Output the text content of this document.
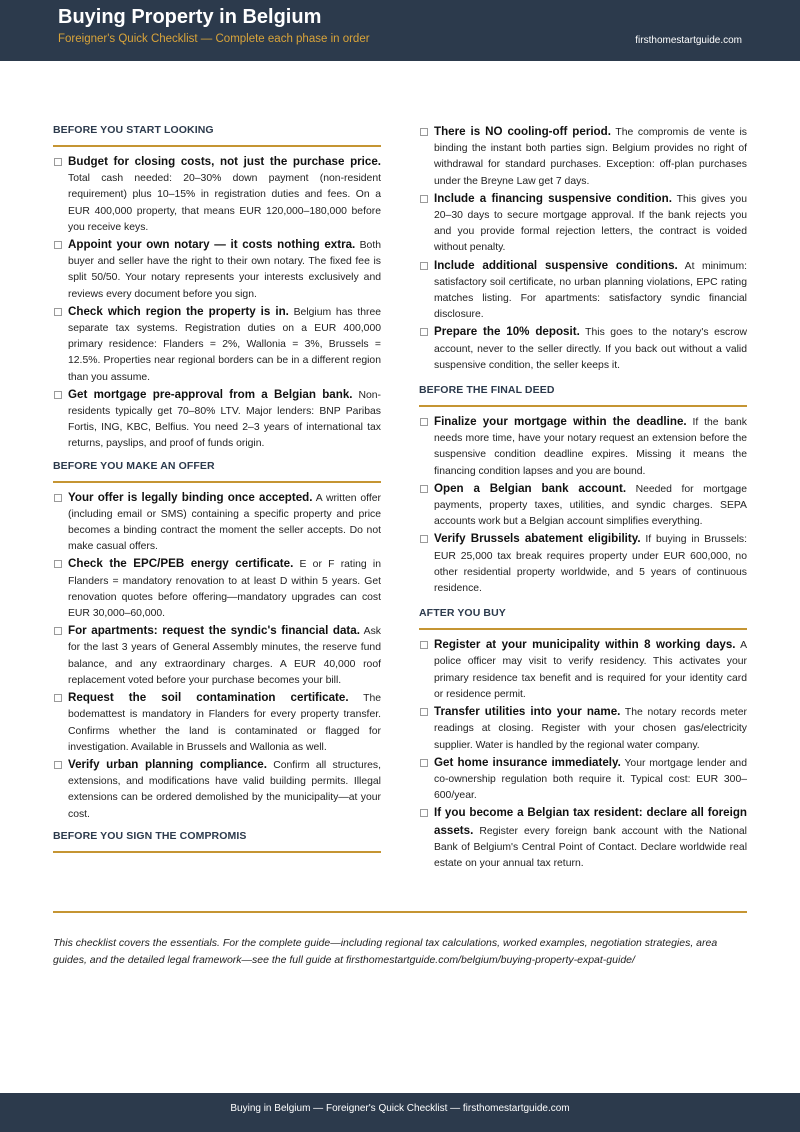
Buying Property in Belgium
Foreigner's Quick Checklist — Complete each phase in order	firsthomestartguide.com
BEFORE YOU START LOOKING
Budget for closing costs, not just the purchase price. Total cash needed: 20–30% down payment (non-resident requirement) plus 10–15% in registration duties and fees. On a EUR 400,000 property, that means EUR 120,000–180,000 before you receive keys.
Appoint your own notary — it costs nothing extra. Both buyer and seller have the right to their own notary. The fixed fee is split 50/50. Your notary represents your interests exclusively and reviews every document before you sign.
Check which region the property is in. Belgium has three separate tax systems. Registration duties on a EUR 400,000 primary residence: Flanders = 2%, Wallonia = 3%, Brussels = 12.5%. Properties near regional borders can be in a different region than you assume.
Get mortgage pre-approval from a Belgian bank. Non-residents typically get 70–80% LTV. Major lenders: BNP Paribas Fortis, ING, KBC, Belfius. You need 2–3 years of international tax returns, payslips, and proof of funds origin.
BEFORE YOU MAKE AN OFFER
Your offer is legally binding once accepted. A written offer (including email or SMS) containing a specific property and price becomes a binding contract the moment the seller accepts. Do not make casual offers.
Check the EPC/PEB energy certificate. E or F rating in Flanders = mandatory renovation to at least D within 5 years. Get renovation quotes before offering—mandatory upgrades can cost EUR 30,000–60,000.
For apartments: request the syndic's financial data. Ask for the last 3 years of General Assembly minutes, the reserve fund balance, and any extraordinary charges. A EUR 40,000 roof replacement voted before your purchase becomes your bill.
Request the soil contamination certificate. The bodemattest is mandatory in Flanders for every property transfer. Confirms whether the land is contaminated or flagged for investigation. Available in Brussels and Wallonia as well.
Verify urban planning compliance. Confirm all structures, extensions, and modifications have valid building permits. Illegal extensions can be ordered demolished by the municipality—at your cost.
BEFORE YOU SIGN THE COMPROMIS
There is NO cooling-off period. The compromis de vente is binding the instant both parties sign. Belgium provides no right of withdrawal for standard purchases. Exception: off-plan purchases under the Breyne Law get 7 days.
Include a financing suspensive condition. This gives you 20–30 days to secure mortgage approval. If the bank rejects you and you provide formal rejection letters, the contract is voided without penalty.
Include additional suspensive conditions. At minimum: satisfactory soil certificate, no urban planning violations, EPC rating matches listing. For apartments: satisfactory syndic financial disclosure.
Prepare the 10% deposit. This goes to the notary's escrow account, never to the seller directly. If you back out without a valid suspensive condition, the seller keeps it.
BEFORE THE FINAL DEED
Finalize your mortgage within the deadline. If the bank needs more time, have your notary request an extension before the suspensive condition deadline expires. Missing it means the financing condition lapses and you are bound.
Open a Belgian bank account. Needed for mortgage payments, property taxes, utilities, and syndic charges. SEPA accounts work but a Belgian account simplifies everything.
Verify Brussels abatement eligibility. If buying in Brussels: EUR 25,000 tax break requires property under EUR 600,000, no other residential property worldwide, and 5 years of continuous residence.
AFTER YOU BUY
Register at your municipality within 8 working days. A police officer may visit to verify residency. This activates your primary residence tax benefit and is required for your identity card or residence permit.
Transfer utilities into your name. The notary records meter readings at closing. Register with your chosen gas/electricity supplier. Water is handled by the regional water company.
Get home insurance immediately. Your mortgage lender and co-ownership regulation both require it. Typical cost: EUR 300–600/year.
If you become a Belgian tax resident: declare all foreign assets. Register every foreign bank account with the National Bank of Belgium's Central Point of Contact. Declare worldwide real estate on your annual tax return.
This checklist covers the essentials. For the complete guide—including regional tax calculations, worked examples, negotiation strategies, area guides, and the detailed legal framework—see the full guide at firsthomestartguide.com/belgium/buying-property-expat-guide/
Buying in Belgium — Foreigner's Quick Checklist — firsthomestartguide.com
